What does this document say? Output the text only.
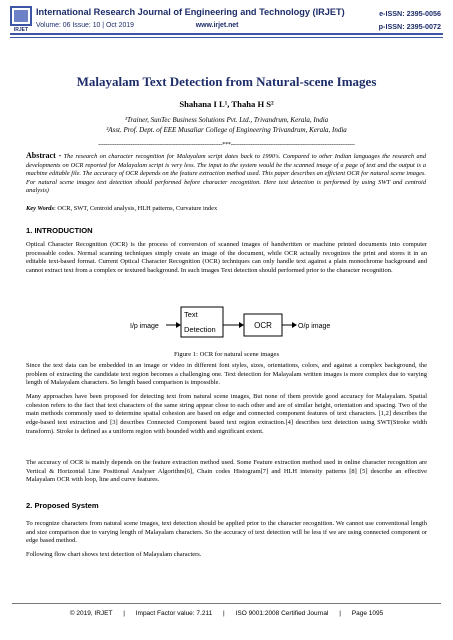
IRJET
International Research Journal of Engineering and Technology (IRJET)
Volume: 06 Issue: 10 | Oct 2019	www.irjet.net
e-ISSN: 2395-0056
p-ISSN: 2395-0072
Malayalam Text Detection from Natural-scene Images
Shahana I L¹, Thaha H S²
¹Trainer, SunTec Business Solutions Pvt. Ltd., Trivandrum, Kerala, India
²Asst. Prof. Dept. of EEE Musaliar College of Engineering Trivandrum, Kerala, India
---------------------------------------------------------------------***---------------------------------------------------------------------
Abstract - The research on character recognition for Malayalam script dates back to 1990's. Compared to other Indian languages the research and developments on OCR reported for Malayalam script is very less. The input to the system would be the scanned image of a page of text and the output is a machine editable file. The accuracy of OCR depends on the feature extraction method used. This paper describes an efficient OCR for natural scene images. For natural scene images text detection should performed before character recognition. Here text detection is performed by using SWT and centroid analysis)
Key Words: OCR, SWT, Centroid analysis, HLH patterns, Curvature index
1. INTRODUCTION
Optical Character Recognition (OCR) is the process of conversion of scanned images of handwritten or machine printed documents into computer processable codes. Normal scanning techniques simply create an image of the document, while OCR actually recognizes the print and stores it in an editable text-based format. Current Optical Character Recognition (OCR) techniques can only handle text against a plain monochrome background and cannot extract text from a complex or textured background. In such images Text detection should performed prior to the character recognition.
I/p image
Text
Detection	OCR	O/p image
Figure 1: OCR for natural scene images
Since the text data can be embedded in an image or video in different font styles, sizes, orientations, colors, and against a complex background, the problem of extracting the candidate text region becomes a challenging one. Text detection for Malayalam written images is more complex due to varying length of Malayalam characters. So length based comparison is impossible.
Many approaches have been proposed for detecting text from natural scene images, But none of them provide good accuracy for Malayalam. Spatial cohesion refers to the fact that text characters of the same string appear close to each other and are of similar height, orientation and spacing. Two of the main methods commonly used to determine spatial cohesion are based on edge and connected component features of text characters. [1,2] describes the edge-based text extraction and [3] describes Connected Component based text region extraction.[4] describes text detection using SWT(Stroke width transform). Stroke is defined as a uniform region with bounded width and significant extent.
The accuracy of OCR is mainly depends on the feature extraction method used. Some Feature extraction method used in online character recognition are Vertical & Horizontal Line Positional Analyser Algorithm[6], Chain codes Histogram[7] and HLH intensity patterns [8] [5] describe an effective Malayalam OCR with loop, line and curve features.
2. Proposed System
To recognize characters from natural scene images, text detection should be applied prior to the character recognition. We cannot use conventional length and size comparison due to varying length of Malayalam characters. So the accuracy of text detection will be less if we are using connected component or edge based method.
Following flow chart shows text detection of Malayalam characters.
© 2019, IRJET      |      Impact Factor value: 7.211      |      ISO 9001:2008 Certified Journal      |      Page 1095
